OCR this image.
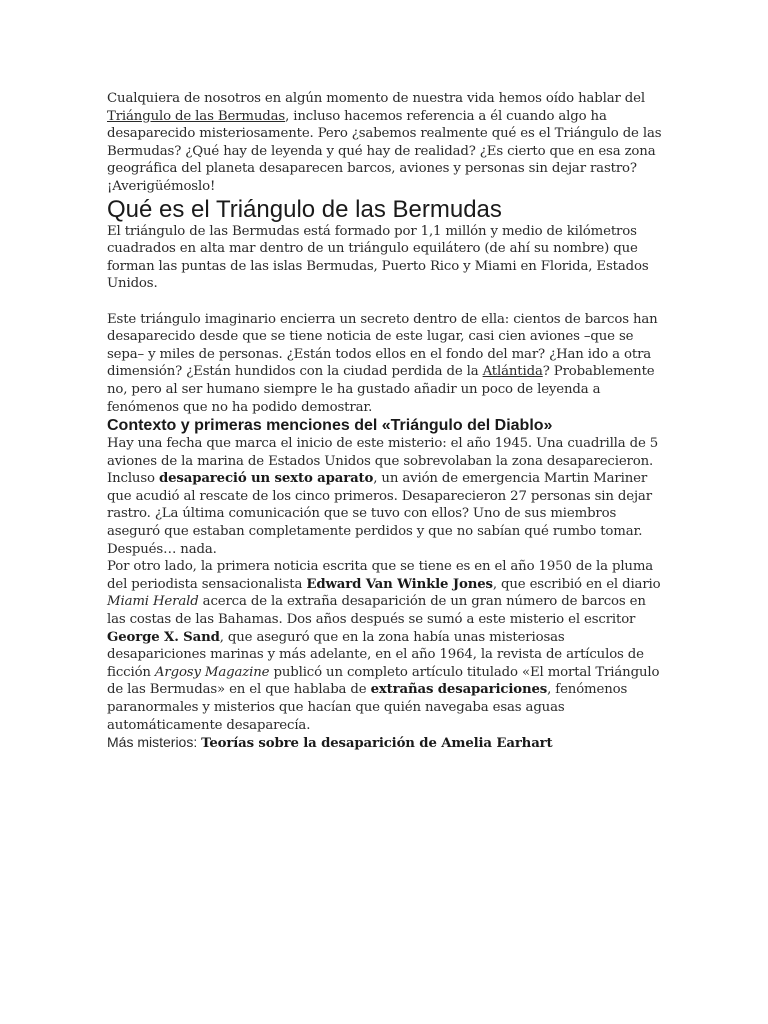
Cualquiera de nosotros en algún momento de nuestra vida hemos oído hablar del Triángulo de las Bermudas, incluso hacemos referencia a él cuando algo ha desaparecido misteriosamente. Pero ¿sabemos realmente qué es el Triángulo de las Bermudas? ¿Qué hay de leyenda y qué hay de realidad? ¿Es cierto que en esa zona geográfica del planeta desaparecen barcos, aviones y personas sin dejar rastro? ¡Averigüémoslo!

Qué es el Triángulo de las Bermudas

El triángulo de las Bermudas está formado por 1,1 millón y medio de kilómetros cuadrados en alta mar dentro de un triángulo equilátero (de ahí su nombre) que forman las puntas de las islas Bermudas, Puerto Rico y Miami en Florida, Estados Unidos.

Este triángulo imaginario encierra un secreto dentro de ella: cientos de barcos han desaparecido desde que se tiene noticia de este lugar, casi cien aviones –que se sepa– y miles de personas. ¿Están todos ellos en el fondo del mar? ¿Han ido a otra dimensión? ¿Están hundidos con la ciudad perdida de la Atlántida? Probablemente no, pero al ser humano siempre le ha gustado añadir un poco de leyenda a fenómenos que no ha podido demostrar.

Contexto y primeras menciones del «Triángulo del Diablo»

Hay una fecha que marca el inicio de este misterio: el año 1945. Una cuadrilla de 5 aviones de la marina de Estados Unidos que sobrevolaban la zona desaparecieron. Incluso desapareció un sexto aparato, un avión de emergencia Martin Mariner que acudió al rescate de los cinco primeros. Desaparecieron 27 personas sin dejar rastro. ¿La última comunicación que se tuvo con ellos? Uno de sus miembros aseguró que estaban completamente perdidos y que no sabían qué rumbo tomar. Después… nada.

Por otro lado, la primera noticia escrita que se tiene es en el año 1950 de la pluma del periodista sensacionalista Edward Van Winkle Jones, que escribió en el diario Miami Herald acerca de la extraña desaparición de un gran número de barcos en las costas de las Bahamas. Dos años después se sumó a este misterio el escritor George X. Sand, que aseguró que en la zona había unas misteriosas desapariciones marinas y más adelante, en el año 1964, la revista de artículos de ficción Argosy Magazine publicó un completo artículo titulado «El mortal Triángulo de las Bermudas» en el que hablaba de extrañas desapariciones, fenómenos paranormales y misterios que hacían que quién navegaba esas aguas automáticamente desaparecía.

Más misterios: Teorías sobre la desaparición de Amelia Earhart
